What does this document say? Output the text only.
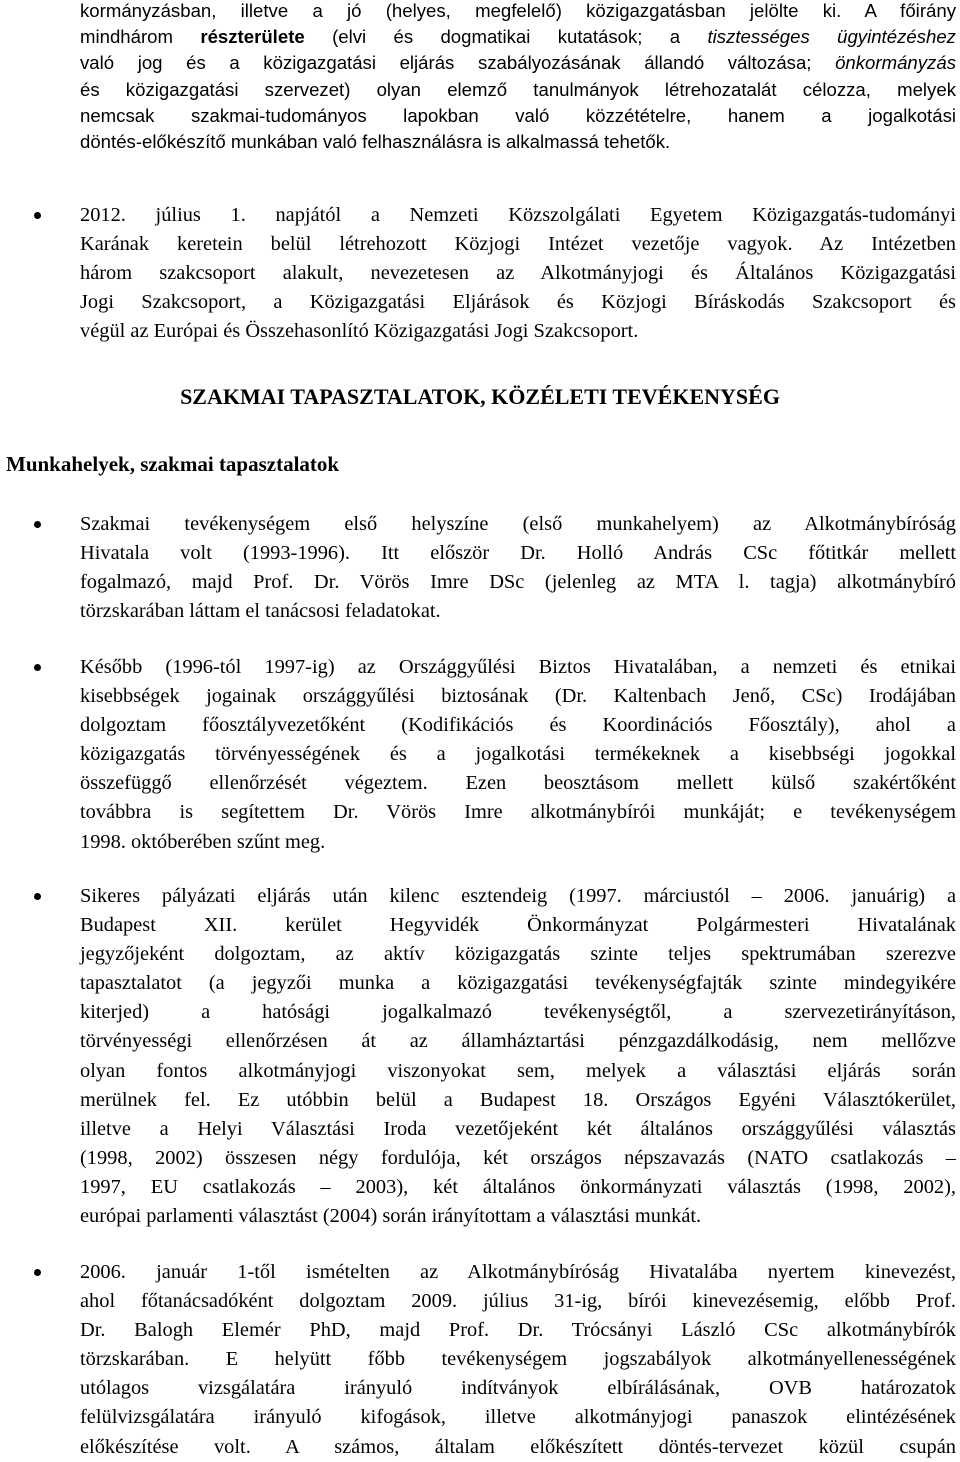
kormányzásban, illetve a jó (helyes, megfelelő) közigazgatásban jelölte ki. A főirány
mindhárom részterülete (elvi és dogmatikai kutatások; a tisztességes ügyintézéshez
való jog és a közigazgatási eljárás szabályozásának állandó változása; önkormányzás
és közigazgatási szervezet) olyan elemző tanulmányok létrehozatalát célozza, melyek
nemcsak szakmai-tudományos lapokban való közzétételre, hanem a jogalkotási
döntés-előkészítő munkában való felhasználásra is alkalmassá tehetők.
2012. július 1. napjától a Nemzeti Közszolgálati Egyetem Közigazgatás-tudományi
Karának keretein belül létrehozott Közjogi Intézet vezetője vagyok. Az Intézetben
három szakcsoport alakult, nevezetesen az Alkotmányjogi és Általános Közigazgatási
Jogi Szakcsoport, a Közigazgatási Eljárások és Közjogi Bíráskodás Szakcsoport és
végül az Európai és Összehasonlító Közigazgatási Jogi Szakcsoport.
SZAKMAI TAPASZTALATOK, KÖZÉLETI TEVÉKENYSÉG
Munkahelyek, szakmai tapasztalatok
Szakmai tevékenységem első helyszíne (első munkahelyem) az Alkotmánybíróság
Hivatala volt (1993-1996). Itt először Dr. Holló András CSc főtitkár mellett
fogalmazó, majd Prof. Dr. Vörös Imre DSc (jelenleg az MTA l. tagja) alkotmánybíró
törzskarában láttam el tanácsosi feladatokat.
Később (1996-tól 1997-ig) az Országgyűlési Biztos Hivatalában, a nemzeti és etnikai
kisebbségek jogainak országgyűlési biztosának (Dr. Kaltenbach Jenő, CSc) Irodájában
dolgoztam főosztályvezetőként (Kodifikációs és Koordinációs Főosztály), ahol a
közigazgatás törvényességének és a jogalkotási termékeknek a kisebbségi jogokkal
összefüggő ellenőrzését végeztem. Ezen beosztásom mellett külső szakértőként
továbbra is segítettem Dr. Vörös Imre alkotmánybírói munkáját; e tevékenységem
1998. októberében szűnt meg.
Sikeres pályázati eljárás után kilenc esztendeig (1997. márciustól – 2006. januárig) a
Budapest XII. kerület Hegyvidék Önkormányzat Polgármesteri Hivatalának
jegyzőjeként dolgoztam, az aktív közigazgatás szinte teljes spektrumában szerezve
tapasztalatot (a jegyzői munka a közigazgatási tevékenységfajták szinte mindegyikére
kiterjed) a hatósági jogalkalmazó tevékenységtől, a szervezetirányításon,
törvényességi ellenőrzésen át az államháztartási pénzgazdálkodásig, nem mellőzve
olyan fontos alkotmányjogi viszonyokat sem, melyek a választási eljárás során
merülnek fel. Ez utóbbin belül a Budapest 18. Országos Egyéni Választókerület,
illetve a Helyi Választási Iroda vezetőjeként két általános országgyűlési választás
(1998, 2002) összesen négy fordulója, két országos népszavazás (NATO csatlakozás –
1997, EU csatlakozás – 2003), két általános önkormányzati választás (1998, 2002),
európai parlamenti választást (2004) során irányítottam a választási munkát.
2006. január 1-től ismételten az Alkotmánybíróság Hivatalába nyertem kinevezést,
ahol főtanácsadóként dolgoztam 2009. július 31-ig, bírói kinevezésemig, előbb Prof.
Dr. Balogh Elemér PhD, majd Prof. Dr. Trócsányi László CSc alkotmánybírók
törzskarában. E helyütt főbb tevékenységem jogszabályok alkotmányellenességének
utólagos vizsgálatára irányuló indítványok elbírálásának, OVB határozatok
felülvizsgálatára irányuló kifogások, illetve alkotmányjogi panaszok elintézésének
előkészítése volt. A számos, általam előkészített döntés-tervezet közül csupán
